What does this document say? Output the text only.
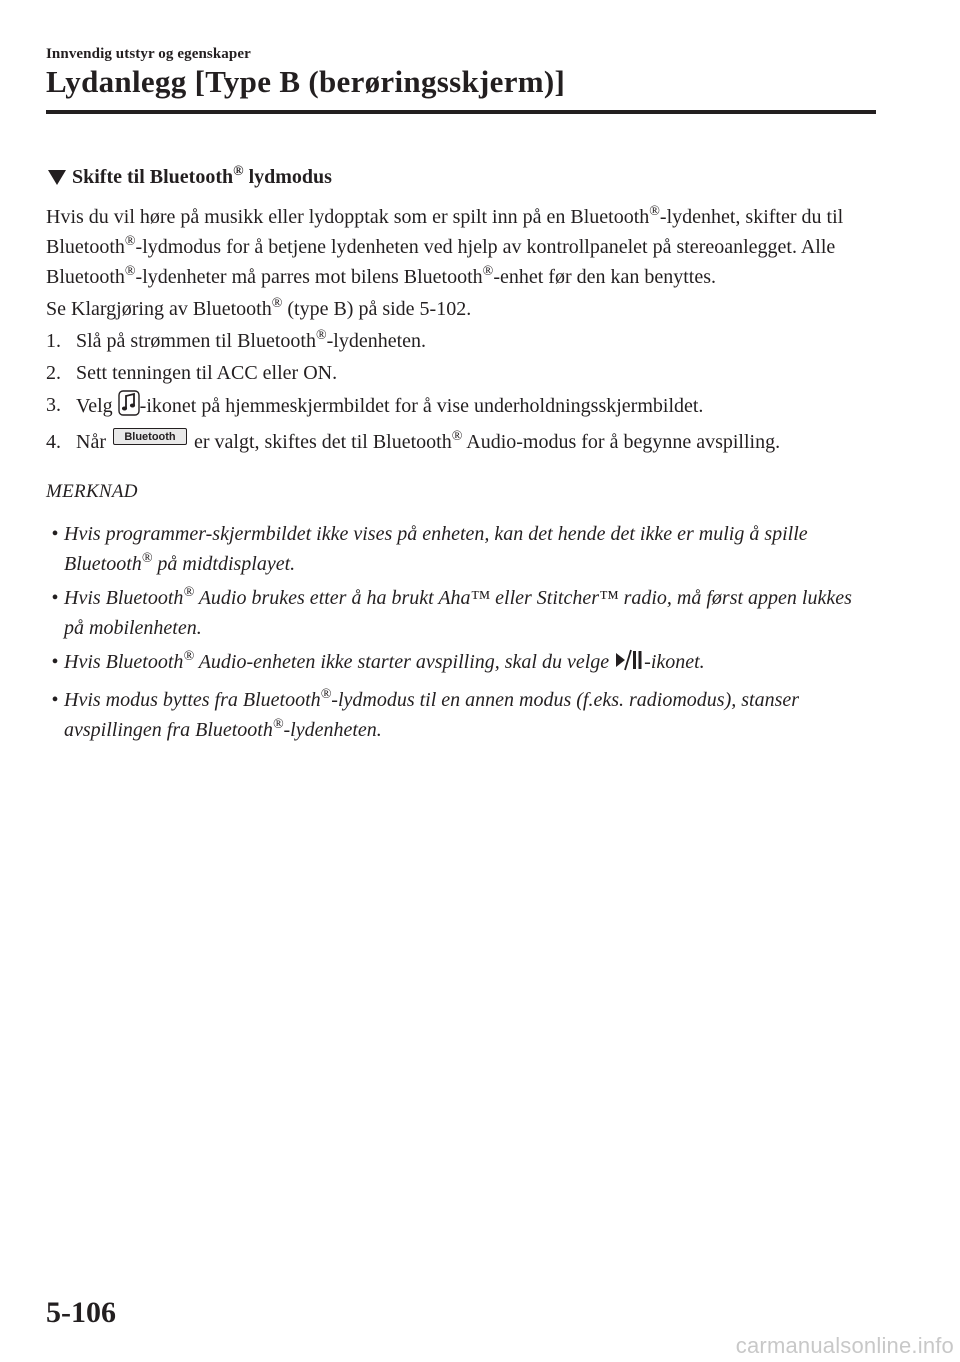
Innvendig utstyr og egenskaper
Lydanlegg [Type B (berøringsskjerm)]
Skifte til Bluetooth® lydmodus

Hvis du vil høre på musikk eller lydopptak som er spilt inn på en Bluetooth®-lydenhet, skifter du til Bluetooth®-lydmodus for å betjene lydenheten ved hjelp av kontrollpanelet på stereoanlegget. Alle Bluetooth®-lydenheter må parres mot bilens Bluetooth®-enhet før den kan benyttes.

Se Klargjøring av Bluetooth® (type B) på side 5-102.

1. Slå på strømmen til Bluetooth®-lydenheten.
2. Sett tenningen til ACC eller ON.
3. Velg -ikonet på hjemmeskjermbildet for å vise underholdningsskjermbildet.
4. Når Bluetooth er valgt, skiftes det til Bluetooth® Audio-modus for å begynne avspilling.
MERKNAD
• Hvis programmer-skjermbildet ikke vises på enheten, kan det hende det ikke er mulig å spille Bluetooth® på midtdisplayet.
• Hvis Bluetooth® Audio brukes etter å ha brukt Aha™ eller Stitcher™ radio, må først appen lukkes på mobilenheten.
• Hvis Bluetooth® Audio-enheten ikke starter avspilling, skal du velge -ikonet.
• Hvis modus byttes fra Bluetooth®-lydmodus til en annen modus (f.eks. radiomodus), stanser avspillingen fra Bluetooth®-lydenheten.
5-106
carmanualsonline.info
